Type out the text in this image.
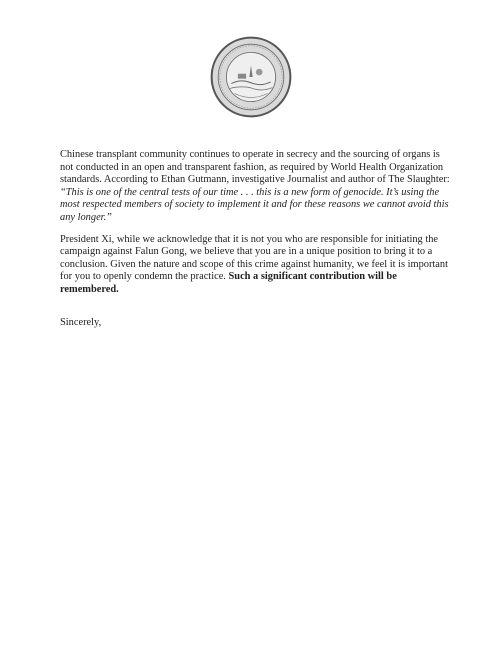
Chinese transplant community continues to operate in secrecy and the sourcing of organs is not conducted in an open and transparent fashion, as required by World Health Organization standards. According to Ethan Gutmann, investigative Journalist and author of The Slaughter: “This is one of the central tests of our time . . . this is a new form of genocide. It’s using the most respected members of society to implement it and for these reasons we cannot avoid this any longer.”

President Xi, while we acknowledge that it is not you who are responsible for initiating the campaign against Falun Gong, we believe that you are in a unique position to bring it to a conclusion. Given the nature and scope of this crime against humanity, we feel it is important for you to openly condemn the practice. Such a significant contribution will be remembered.

Sincerely,
